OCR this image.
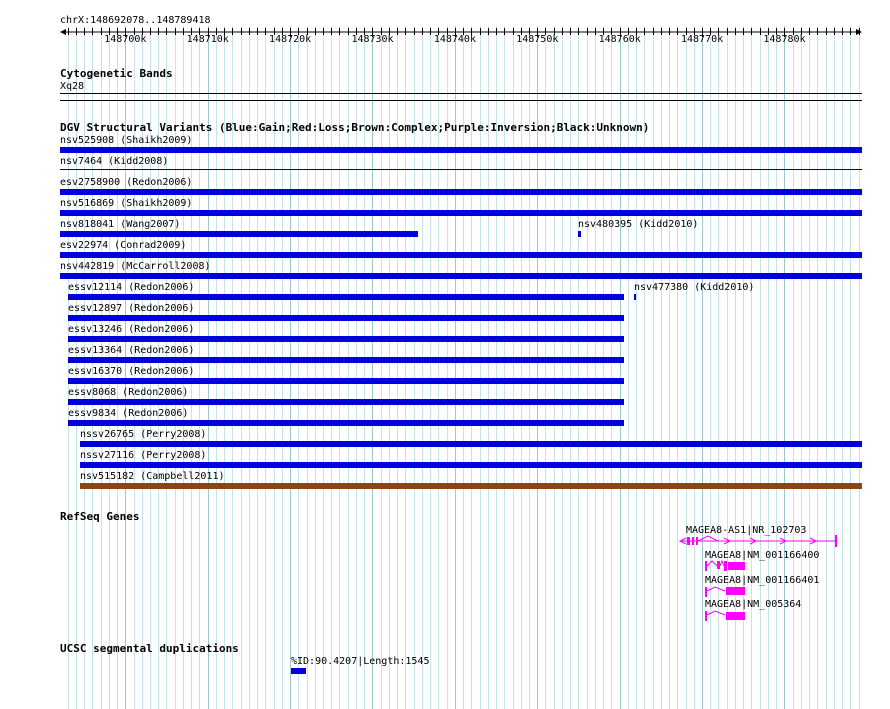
chrX:148692078..148789418
148700k	148710k	148720k	148730k	148740k	148750k	148760k	148770k	148780k
Cytogenetic Bands
Xq28
DGV Structural Variants (Blue:Gain;Red:Loss;Brown:Complex;Purple:Inversion;Black:Unknown)
nsv525908 (Shaikh2009)
nsv7464 (Kidd2008)
esv2758900 (Redon2006)
nsv516869 (Shaikh2009)
nsv818041 (Wang2007)	nsv480395 (Kidd2010)
esv22974 (Conrad2009)
nsv442819 (McCarroll2008)
essv12114 (Redon2006)	nsv477380 (Kidd2010)
essv12897 (Redon2006)
essv13246 (Redon2006)
essv13364 (Redon2006)
essv16370 (Redon2006)
essv8068 (Redon2006)
essv9834 (Redon2006)
nssv26765 (Perry2008)
nssv27116 (Perry2008)
nsv515182 (Campbell2011)
RefSeq Genes
MAGEA8-AS1|NR_102703
MAGEA8|NM_001166400
MAGEA8|NM_001166401
MAGEA8|NM_005364
UCSC segmental duplications
%ID:90.4207|Length:1545
